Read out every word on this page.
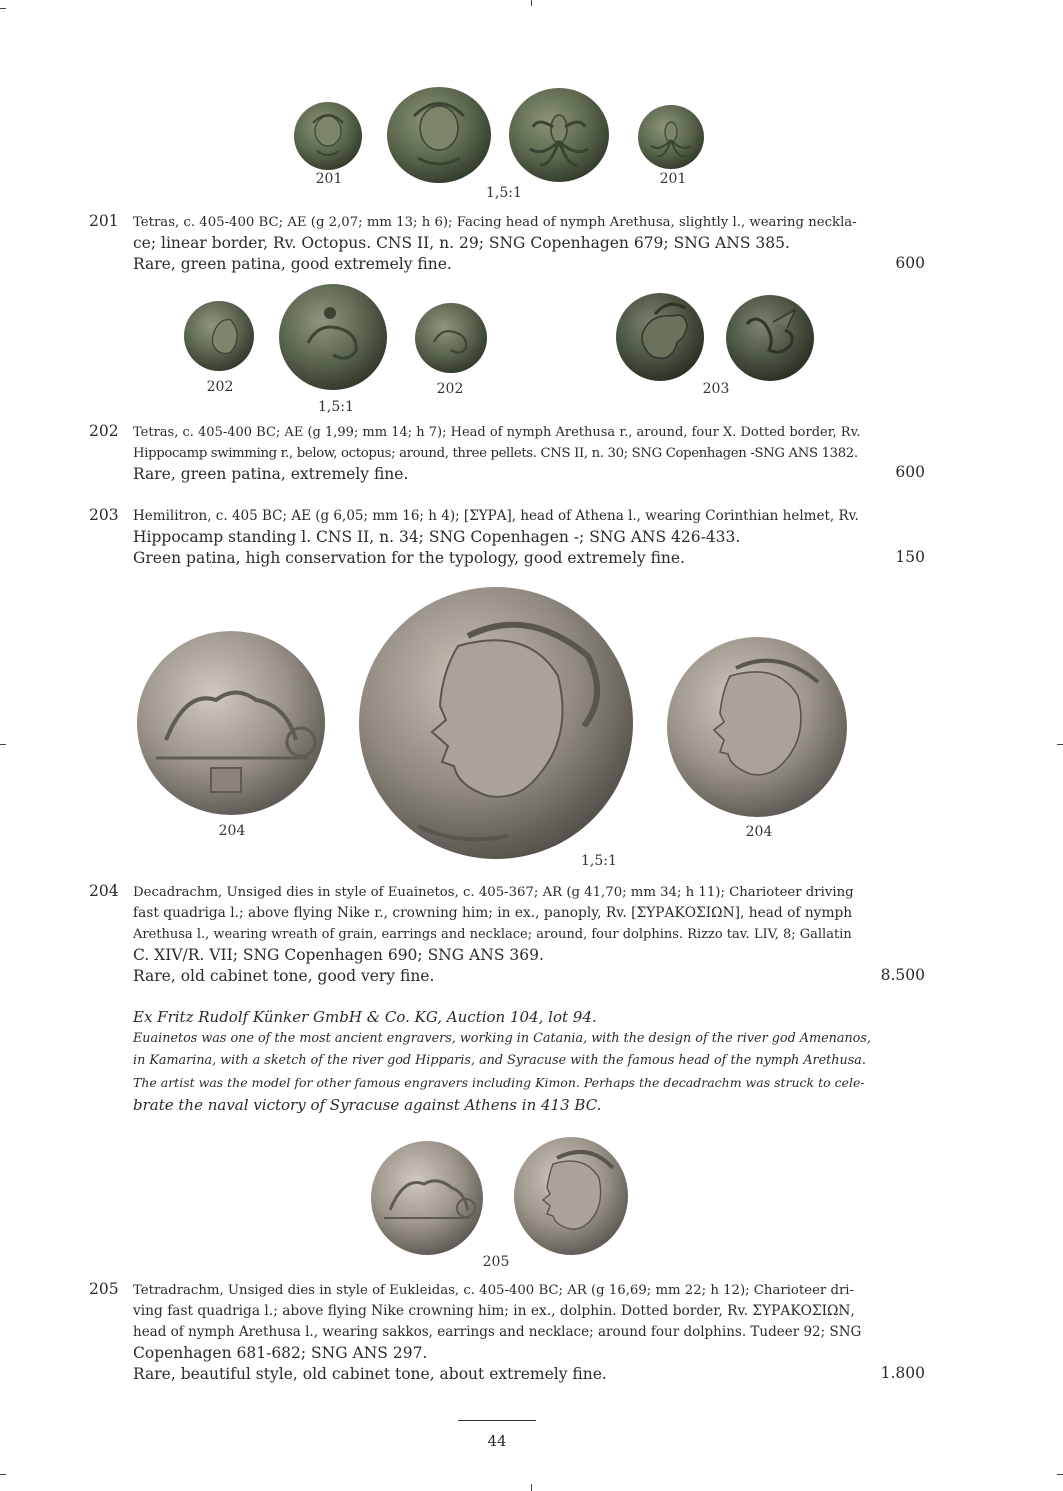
201	201
1,5:1
201 Tetras, c. 405-400 BC; AE (g 2,07; mm 13; h 6); Facing head of nymph Arethusa, slightly l., wearing neckla-
ce; linear border, Rv. Octopus. CNS II, n. 29; SNG Copenhagen 679; SNG ANS 385.
Rare, green patina, good extremely fine.	600
202	202	203
1,5:1
202 Tetras, c. 405-400 BC; AE (g 1,99; mm 14; h 7); Head of nymph Arethusa r., around, four X. Dotted border, Rv.
Hippocamp swimming r., below, octopus; around, three pellets. CNS II, n. 30; SNG Copenhagen -SNG ANS 1382.
Rare, green patina, extremely fine.	600
203 Hemilitron, c. 405 BC; AE (g 6,05; mm 16; h 4); [ΣΥΡΑ], head of Athena l., wearing Corinthian helmet, Rv.
Hippocamp standing l. CNS II, n. 34; SNG Copenhagen -; SNG ANS 426-433.
Green patina, high conservation for the typology, good extremely fine.	150
204	204
1,5:1
204 Decadrachm, Unsiged dies in style of Euainetos, c. 405-367; AR (g 41,70; mm 34; h 11); Charioteer driving
fast quadriga l.; above flying Nike r., crowning him; in ex., panoply, Rv. [ΣΥΡΑΚΟΣΙΩΝ], head of nymph
Arethusa l., wearing wreath of grain, earrings and necklace; around, four dolphins. Rizzo tav. LIV, 8; Gallatin
C. XIV/R. VII; SNG Copenhagen 690; SNG ANS 369.
Rare, old cabinet tone, good very fine.	8.500
Ex Fritz Rudolf Künker GmbH & Co. KG, Auction 104, lot 94.
Euainetos was one of the most ancient engravers, working in Catania, with the design of the river god Amenanos,
in Kamarina, with a sketch of the river god Hipparis, and Syracuse with the famous head of the nymph Arethusa.
The artist was the model for other famous engravers including Kimon. Perhaps the decadrachm was struck to cele-
brate the naval victory of Syracuse against Athens in 413 BC.
205
205 Tetradrachm, Unsiged dies in style of Eukleidas, c. 405-400 BC; AR (g 16,69; mm 22; h 12); Charioteer dri-
ving fast quadriga l.; above flying Nike crowning him; in ex., dolphin. Dotted border, Rv. ΣΥΡΑΚΟΣΙΩΝ,
head of nymph Arethusa l., wearing sakkos, earrings and necklace; around four dolphins. Tudeer 92; SNG
Copenhagen 681-682; SNG ANS 297.
Rare, beautiful style, old cabinet tone, about extremely fine.	1.800
44
